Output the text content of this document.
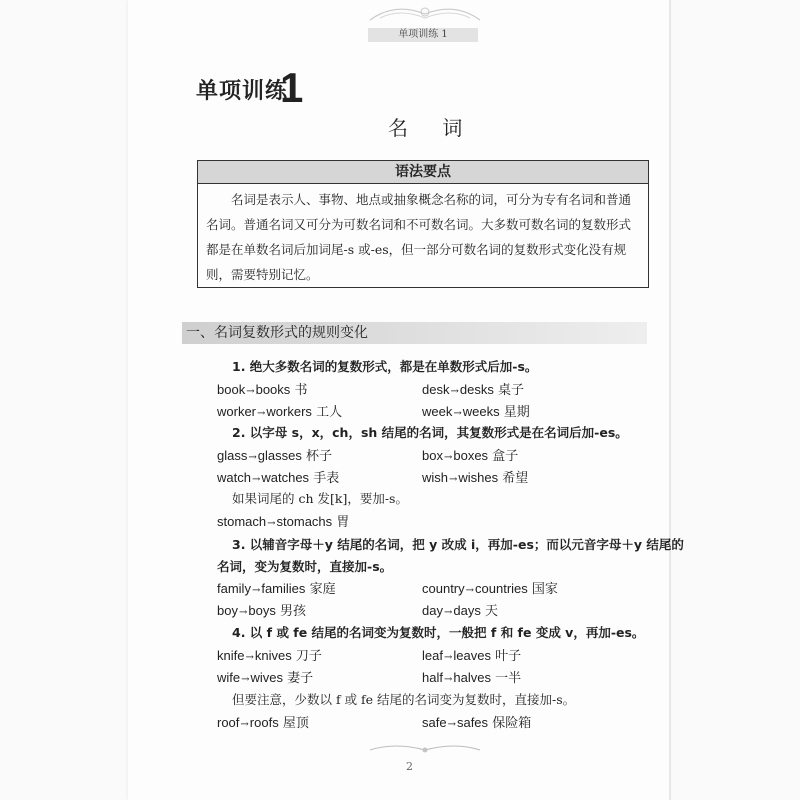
单项训练 1
单项训练
1
名 词
语法要点
名词是表示人、事物、地点或抽象概念名称的词，可分为专有名词和普通名词。普通名词又可分为可数名词和不可数名词。大多数可数名词的复数形式都是在单数名词后加词尾-s 或-es，但一部分可数名词的复数形式变化没有规则，需要特别记忆。
一、名词复数形式的规则变化
1. 绝大多数名词的复数形式，都是在单数形式后加-s。
book→books 书	desk→desks 桌子
worker→workers 工人	week→weeks 星期
2. 以字母 s，x，ch，sh 结尾的名词，其复数形式是在名词后加-es。
glass→glasses 杯子	box→boxes 盒子
watch→watches 手表	wish→wishes 希望
如果词尾的 ch 发[k]，要加-s。
stomach→stomachs 胃
3. 以辅音字母＋y 结尾的名词，把 y 改成 i，再加-es；而以元音字母＋y 结尾的
名词，变为复数时，直接加-s。
family→families 家庭	country→countries 国家
boy→boys 男孩	day→days 天
4. 以 f 或 fe 结尾的名词变为复数时，一般把 f 和 fe 变成 v，再加-es。
knife→knives 刀子	leaf→leaves 叶子
wife→wives 妻子	half→halves 一半
但要注意，少数以 f 或 fe 结尾的名词变为复数时，直接加-s。
roof→roofs 屋顶	safe→safes 保险箱
2
